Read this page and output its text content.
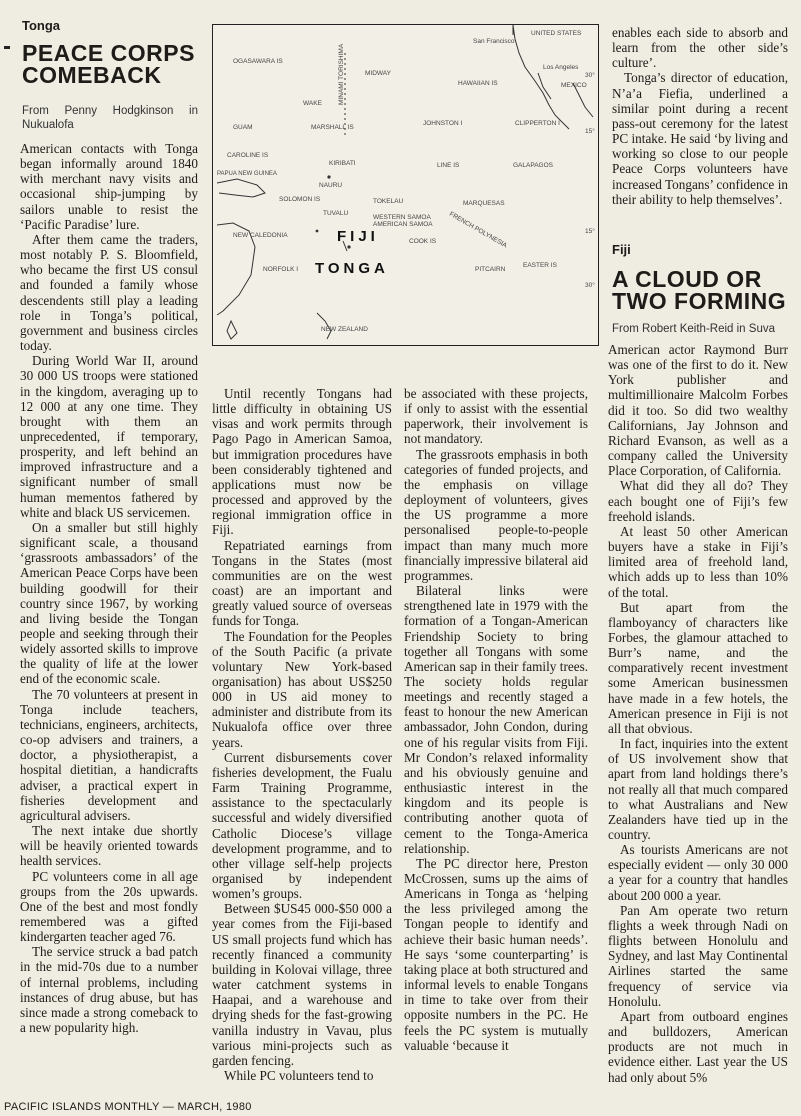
Tonga
PEACE CORPS
COMEBACK
From Penny Hodgkinson in
Nukualofa

American contacts with Tonga began informally around 1840 with merchant navy visits and occasional ship-jumping by sailors unable to resist the ‘Pacific Paradise’ lure.

After them came the traders, most notably P. S. Bloomfield, who became the first US consul and founded a family whose descendents still play a leading role in Tonga’s political, government and business circles today.

During World War II, around 30 000 US troops were stationed in the kingdom, averaging up to 12 000 at any one time. They brought with them an unprecedented, if temporary, prosperity, and left behind an improved infrastructure and a significant number of small human mementos fathered by white and black US servicemen.

On a smaller but still highly significant scale, a thousand ‘grassroots ambassadors’ of the American Peace Corps have been building goodwill for their country since 1967, by working and living beside the Tongan people and seeking through their widely assorted skills to improve the quality of life at the lower end of the economic scale.

The 70 volunteers at present in Tonga include teachers, technicians, engineers, architects, co-op advisers and trainers, a doctor, a physiotherapist, a hospital dietitian, a handicrafts adviser, a practical expert in fisheries development and agricultural advisers.

The next intake due shortly will be heavily oriented towards health services.

PC volunteers come in all age groups from the 20s upwards. One of the best and most fondly remembered was a gifted kindergarten teacher aged 76.

The service struck a bad patch in the mid-70s due to a number of internal problems, including instances of drug abuse, but has since made a strong comeback to a new popularity high.

UNITED STATES
San Francisco
Los Angeles
MEXICO
OGASAWARA IS
MIDWAY
MINAMI TORISHIMA
WAKE
HAWAIIAN IS
GUAM	MARSHALL IS
JOHNSTON I	CLIPPERTON I
CAROLINE IS
KIRIBATI	LINE IS	GALAPAGOS
PAPUA NEW GUINEA
NAURU
SOLOMON IS	TOKELAU	MARQUESAS
TUVALU
WESTERN SAMOA
AMERICAN SAMOA FRENCH POLYNESIA
NEW CALEDONIA
NORFOLK I
COOK IS
PITCAIRN
EASTER IS
NEW ZEALAND
30°
15°
15°
30°
FIJI
TONGA

Until recently Tongans had little difficulty in obtaining US visas and work permits through Pago Pago in American Samoa, but immigration procedures have been considerably tightened and applications must now be processed and approved by the regional immigration office in Fiji.

Repatriated earnings from Tongans in the States (most communities are on the west coast) are an important and greatly valued source of overseas funds for Tonga.

The Foundation for the Peoples of the South Pacific (a private voluntary New York-based organisation) has about US$250 000 in US aid money to administer and distribute from its Nukualofa office over three years.

Current disbursements cover fisheries development, the Fualu Farm Training Programme, assistance to the spectacularly successful and widely diversified Catholic Diocese’s village development programme, and to other village self-help projects organised by independent women’s groups.

Between $US45 000-$50 000 a year comes from the Fiji-based US small projects fund which has recently financed a community building in Kolovai village, three water catchment systems in Haapai, and a warehouse and drying sheds for the fast-growing vanilla industry in Vavau, plus various mini-projects such as garden fencing.

While PC volunteers tend to

be associated with these projects, if only to assist with the essential paperwork, their involvement is not mandatory.

The grassroots emphasis in both categories of funded projects, and the emphasis on village deployment of volunteers, gives the US programme a more personalised people-to-people impact than many much more financially impressive bilateral aid programmes.

Bilateral links were strengthened late in 1979 with the formation of a Tongan-American Friendship Society to bring together all Tongans with some American sap in their family trees. The society holds regular meetings and recently staged a feast to honour the new American ambassador, John Condon, during one of his regular visits from Fiji. Mr Condon’s relaxed informality and his obviously genuine and enthusiastic interest in the kingdom and its people is contributing another quota of cement to the Tonga-America relationship.

The PC director here, Preston McCrossen, sums up the aims of Americans in Tonga as ‘helping the less privileged among the Tongan people to identify and achieve their basic human needs’. He says ‘some counterparting’ is taking place at both structured and informal levels to enable Tongans in time to take over from their opposite numbers in the PC. He feels the PC system is mutually valuable ‘because it

enables each side to absorb and learn from the other side’s culture’.

Tonga’s director of education, N’a’a Fiefia, underlined a similar point during a recent pass-out ceremony for the latest PC intake. He said ‘by living and working so close to our people Peace Corps volunteers have increased Tongans’ confidence in their ability to help themselves’.

Fiji
A CLOUD OR
TWO FORMING
From Robert Keith-Reid in Suva

American actor Raymond Burr was one of the first to do it. New York publisher and multimillionaire Malcolm Forbes did it too. So did two wealthy Californians, Jay Johnson and Richard Evanson, as well as a company called the University Place Corporation, of California.

What did they all do? They each bought one of Fiji’s few freehold islands.

At least 50 other American buyers have a stake in Fiji’s limited area of freehold land, which adds up to less than 10% of the total.

But apart from the flamboyancy of characters like Forbes, the glamour attached to Burr’s name, and the comparatively recent investment some American businessmen have made in a few hotels, the American presence in Fiji is not all that obvious.

In fact, inquiries into the extent of US involvement show that apart from land holdings there’s not really all that much compared to what Australians and New Zealanders have tied up in the country.

As tourists Americans are not especially evident — only 30 000 a year for a country that handles about 200 000 a year.

Pan Am operate two return flights a week through Nadi on flights between Honolulu and Sydney, and last May Continental Airlines started the same frequency of service via Honolulu.

Apart from outboard engines and bulldozers, American products are not much in evidence either. Last year the US had only about 5%

PACIFIC ISLANDS MONTHLY — MARCH, 1980
